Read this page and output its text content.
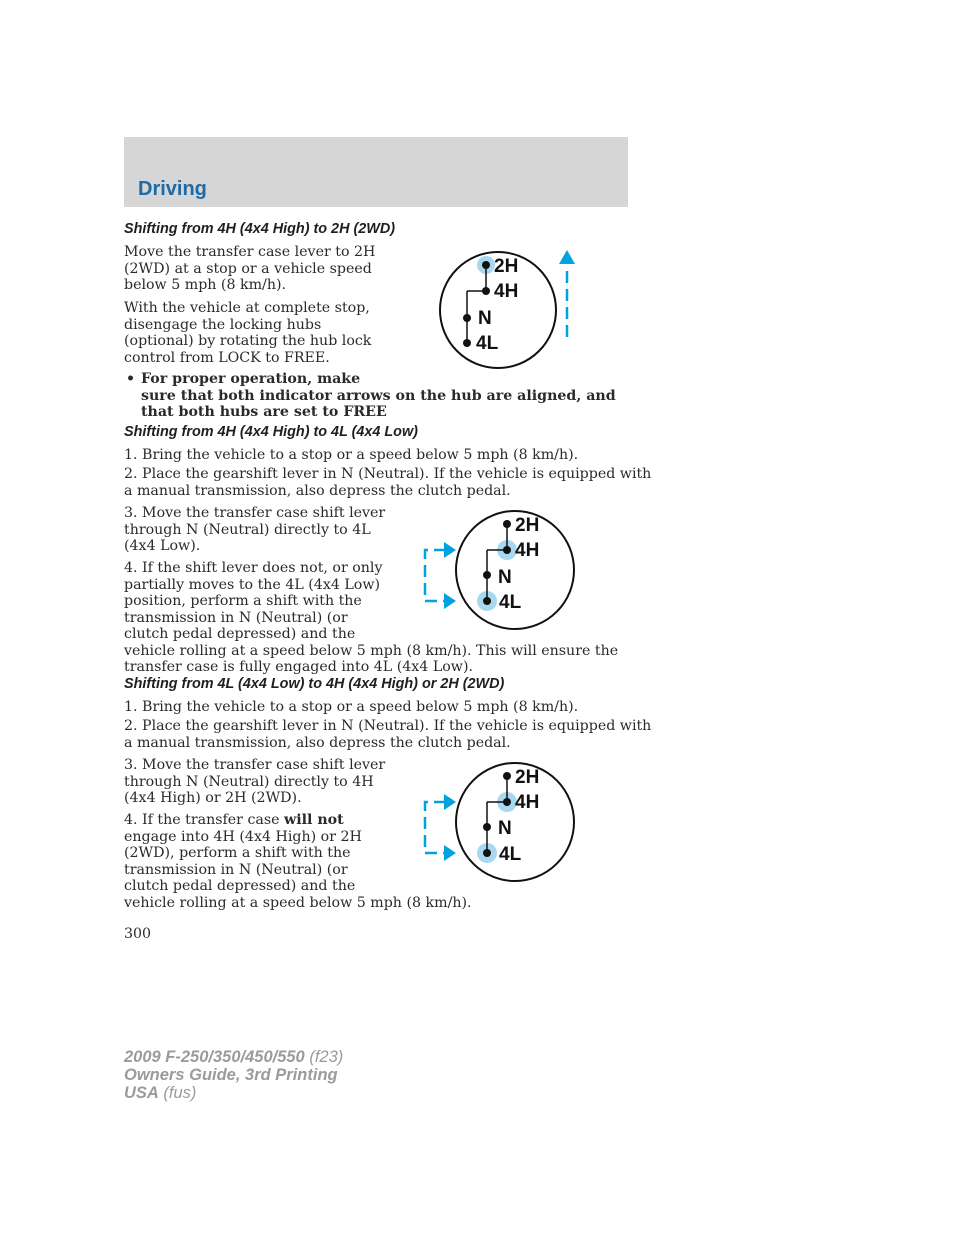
Driving
Shifting from 4H (4x4 High) to 2H (2WD)
Move the transfer case lever to 2H
(2WD) at a stop or a vehicle speed
below 5 mph (8 km/h).
With the vehicle at complete stop,
disengage the locking hubs
(optional) by rotating the hub lock
control from LOCK to FREE.
• For proper operation, make
sure that both indicator arrows on the hub are aligned, and
that both hubs are set to FREE
2H
4H
N
4L
Shifting from 4H (4x4 High) to 4L (4x4 Low)
1. Bring the vehicle to a stop or a speed below 5 mph (8 km/h).
2. Place the gearshift lever in N (Neutral). If the vehicle is equipped with
a manual transmission, also depress the clutch pedal.
3. Move the transfer case shift lever
through N (Neutral) directly to 4L
(4x4 Low).
4. If the shift lever does not, or only
partially moves to the 4L (4x4 Low)
position, perform a shift with the
transmission in N (Neutral) (or
clutch pedal depressed) and the
vehicle rolling at a speed below 5 mph (8 km/h). This will ensure the
transfer case is fully engaged into 4L (4x4 Low).
2H
4H
N
4L
Shifting from 4L (4x4 Low) to 4H (4x4 High) or 2H (2WD)
1. Bring the vehicle to a stop or a speed below 5 mph (8 km/h).
2. Place the gearshift lever in N (Neutral). If the vehicle is equipped with
a manual transmission, also depress the clutch pedal.
3. Move the transfer case shift lever
through N (Neutral) directly to 4H
(4x4 High) or 2H (2WD).
4. If the transfer case will not
engage into 4H (4x4 High) or 2H
(2WD), perform a shift with the
transmission in N (Neutral) (or
clutch pedal depressed) and the
vehicle rolling at a speed below 5 mph (8 km/h).
2H
4H
N
4L
300
2009 F-250/350/450/550 (f23)
Owners Guide, 3rd Printing
USA (fus)
